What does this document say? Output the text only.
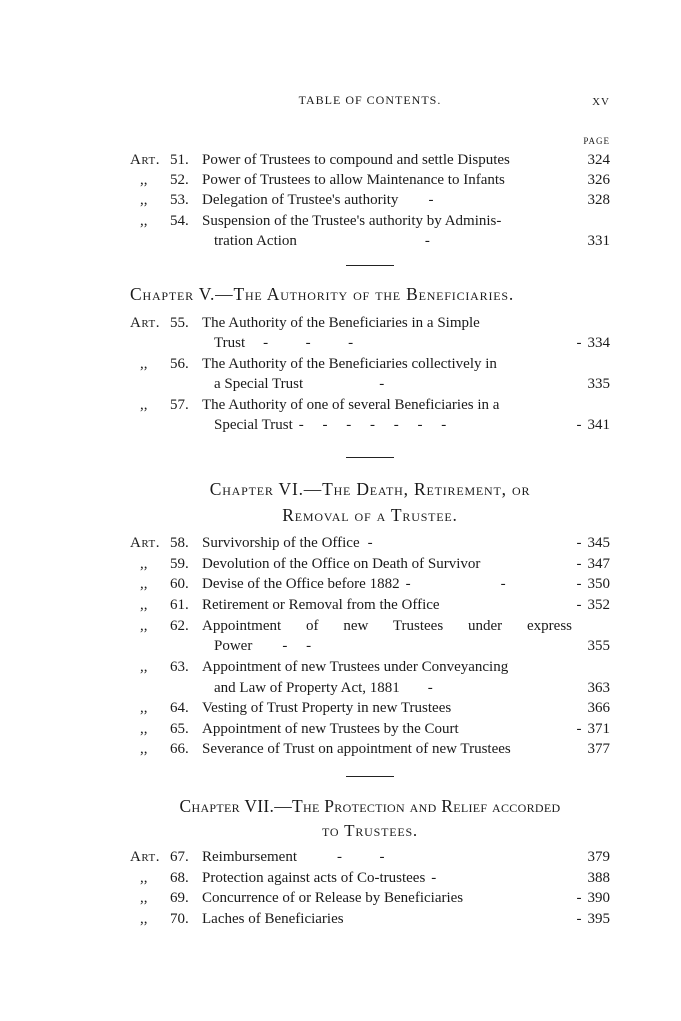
TABLE OF CONTENTS.	xv
PAGE
Art. 51. Power of Trustees to compound and settle Disputes	324
,, 52. Power of Trustees to allow Maintenance to Infants	326
,, 53. Delegation of Trustee's authority -	328
,, 54. Suspension of the Trustee's authority by Adminis-
tration Action	-	331
Chapter V.—The Authority of the Beneficiaries.
Art. 55. The Authority of the Beneficiaries in a Simple
Trust -          -          -	- 334
,, 56. The Authority of the Beneficiaries collectively in
a Special Trust	-	335
,, 57. The Authority of one of several Beneficiaries in a
Special Trust -     -     -     -     -     -     -	- 341
Chapter VI.—The Death, Retirement, or
Removal of a Trustee.
Art. 58. Survivorship of the Office -	- 345
,, 59. Devolution of the Office on Death of Survivor	- 347
,, 60. Devise of the Office before 1882 -	-	- 350
,, 61. Retirement or Removal from the Office	- 352
,, 62. Appointment of new Trustees under express
Power -     -	355
,, 63. Appointment of new Trustees under Conveyancing
and Law of Property Act, 1881 -	363
,, 64. Vesting of Trust Property in new Trustees	366
,, 65. Appointment of new Trustees by the Court	- 371
,, 66. Severance of Trust on appointment of new Trustees	377
Chapter VII.—The Protection and Relief accorded
to Trustees.
Art. 67. Reimbursement	-          -	379
,, 68. Protection against acts of Co-trustees -	388
,, 69. Concurrence of or Release by Beneficiaries	- 390
,, 70. Laches of Beneficiaries	- 395
